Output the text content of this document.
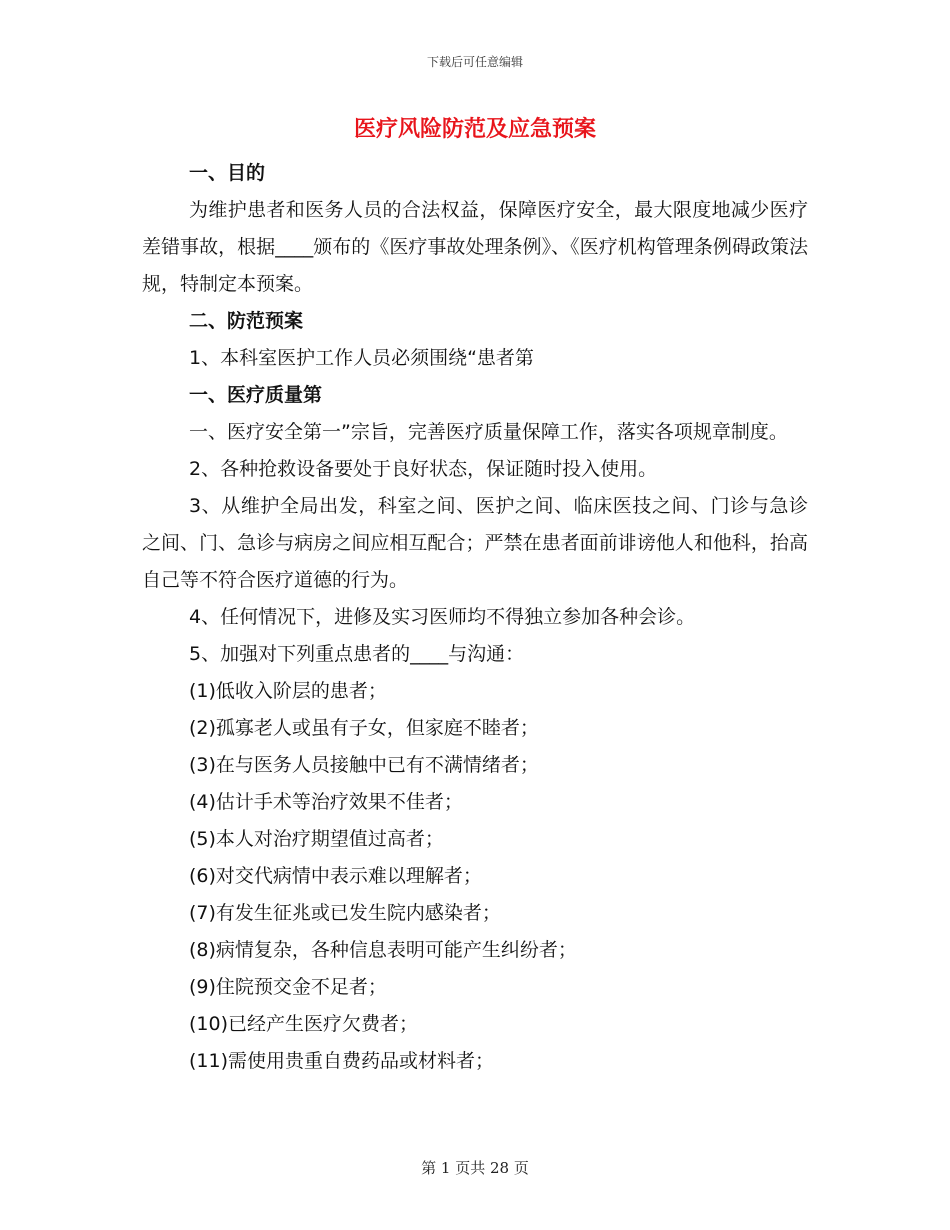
下载后可任意编辑
医疗风险防范及应急预案

一、目的

为维护患者和医务人员的合法权益，保障医疗安全，最大限度地减少医疗差错事故，根据____颁布的《医疗事故处理条例》、《医疗机构管理条例碍政策法规，特制定本预案。

二、防范预案

1、本科室医护工作人员必须围绕“患者第

一、医疗质量第

一、医疗安全第一”宗旨，完善医疗质量保障工作，落实各项规章制度。

2、各种抢救设备要处于良好状态，保证随时投入使用。

3、从维护全局出发，科室之间、医护之间、临床医技之间、门诊与急诊之间、门、急诊与病房之间应相互配合；严禁在患者面前诽谤他人和他科，抬高自己等不符合医疗道德的行为。

4、任何情况下，进修及实习医师均不得独立参加各种会诊。

5、加强对下列重点患者的____与沟通：

(1)低收入阶层的患者；

(2)孤寡老人或虽有子女，但家庭不睦者；

(3)在与医务人员接触中已有不满情绪者；

(4)估计手术等治疗效果不佳者；

(5)本人对治疗期望值过高者；

(6)对交代病情中表示难以理解者；

(7)有发生征兆或已发生院内感染者；

(8)病情复杂，各种信息表明可能产生纠纷者；

(9)住院预交金不足者；

(10)已经产生医疗欠费者；

(11)需使用贵重自费药品或材料者；

第 1 页共 28 页
